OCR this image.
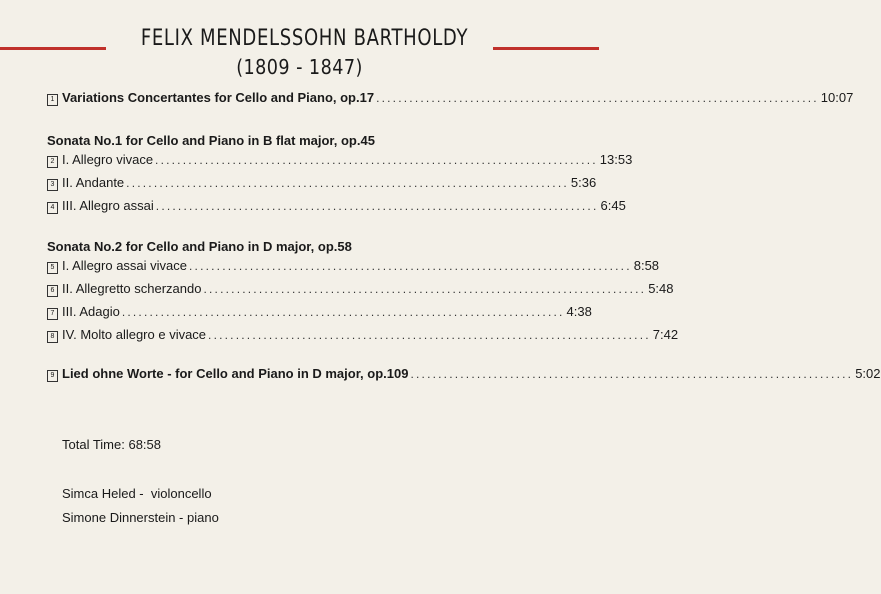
FELIX MENDELSSOHN BARTHOLDY
(1809 - 1847)
1 Variations Concertantes for Cello and Piano, op.17 ................................................................................ 10:07
Sonata No.1 for Cello and Piano in B flat major, op.45
2 I. Allegro vivace ................................................................................ 13:53
3 II. Andante ................................................................................ 5:36
4 III. Allegro assai ................................................................................ 6:45
Sonata No.2 for Cello and Piano in D major, op.58
5 I. Allegro assai vivace ................................................................................ 8:58
6 II. Allegretto scherzando ................................................................................ 5:48
7 III. Adagio ................................................................................ 4:38
8 IV. Molto allegro e vivace ................................................................................ 7:42
9 Lied ohne Worte - for Cello and Piano in D major, op.109 ................................................................................ 5:02
Total Time: 68:58
Simca Heled -  violoncello
Simone Dinnerstein - piano
